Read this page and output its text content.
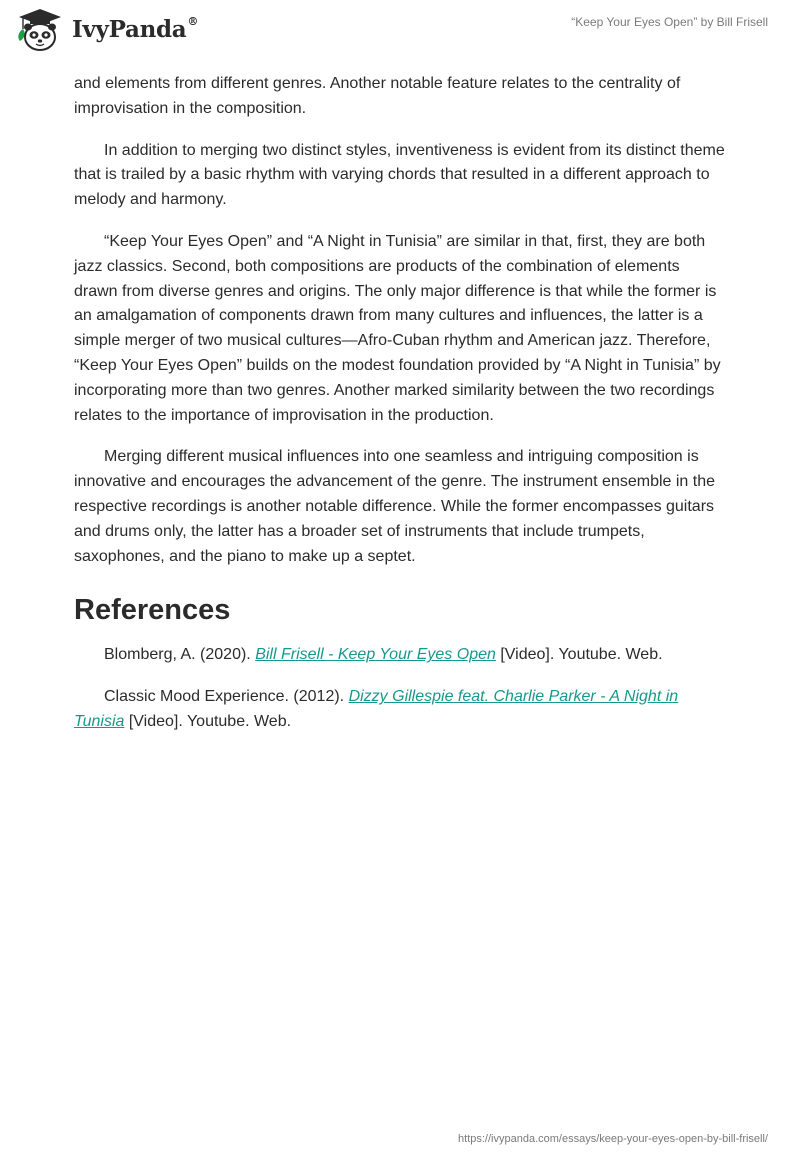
IvyPanda®	“Keep Your Eyes Open” by Bill Frisell

and elements from different genres. Another notable feature relates to the centrality of improvisation in the composition.

In addition to merging two distinct styles, inventiveness is evident from its distinct theme that is trailed by a basic rhythm with varying chords that resulted in a different approach to melody and harmony.

“Keep Your Eyes Open” and “A Night in Tunisia” are similar in that, first, they are both jazz classics. Second, both compositions are products of the combination of elements drawn from diverse genres and origins. The only major difference is that while the former is an amalgamation of components drawn from many cultures and influences, the latter is a simple merger of two musical cultures—Afro-Cuban rhythm and American jazz. Therefore, “Keep Your Eyes Open” builds on the modest foundation provided by “A Night in Tunisia” by incorporating more than two genres. Another marked similarity between the two recordings relates to the importance of improvisation in the production.

Merging different musical influences into one seamless and intriguing composition is innovative and encourages the advancement of the genre. The instrument ensemble in the respective recordings is another notable difference. While the former encompasses guitars and drums only, the latter has a broader set of instruments that include trumpets, saxophones, and the piano to make up a septet.

References

Blomberg, A. (2020). Bill Frisell - Keep Your Eyes Open [Video]. Youtube. Web.

Classic Mood Experience. (2012). Dizzy Gillespie feat. Charlie Parker - A Night in Tunisia [Video]. Youtube. Web.

https://ivypanda.com/essays/keep-your-eyes-open-by-bill-frisell/
